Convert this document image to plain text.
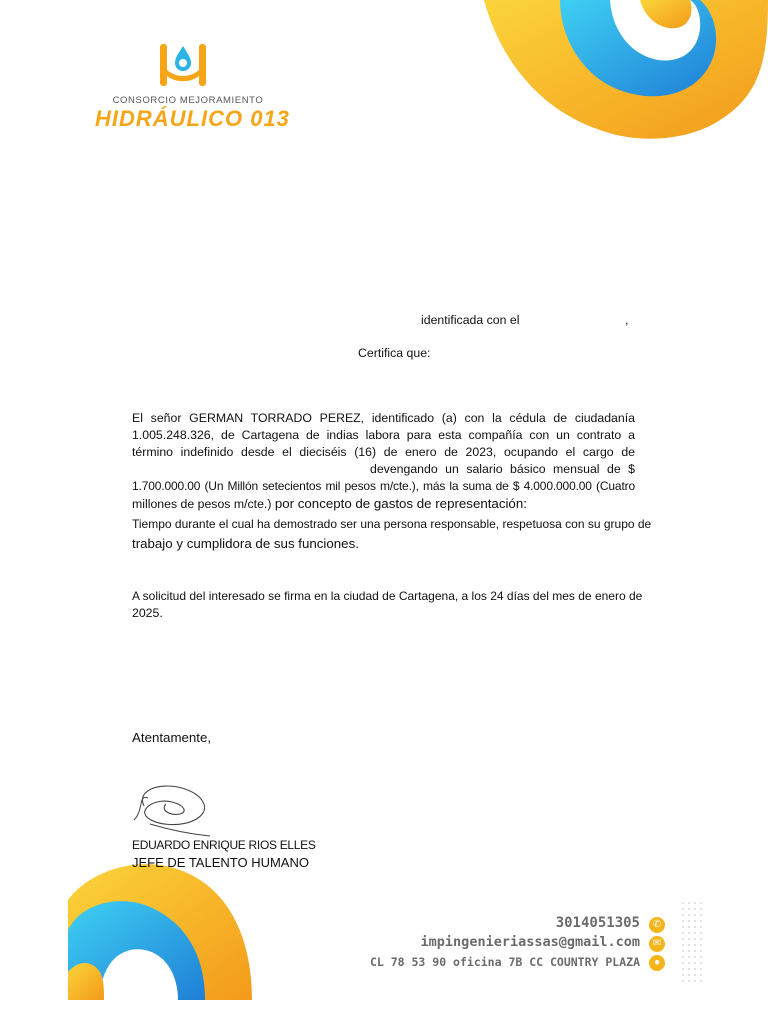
CONSORCIO MEJORAMIENTO
HIDRÁULICO 013
identificada con el	,
Certifica que:
El señor GERMAN TORRADO PEREZ, identificado (a) con la cédula de ciudadanía
1.005.248.326, de Cartagena de indias labora para esta compañía con un contrato a
término indefinido desde el dieciséis (16) de enero de 2023, ocupando el cargo de
devengando un salario básico mensual de $
1.700.000.00 (Un Millón setecientos mil pesos m/cte.), más la suma de $ 4.000.000.00 (Cuatro
millones de pesos m/cte.) por concepto de gastos de representación:
Tiempo durante el cual ha demostrado ser una persona responsable, respetuosa con su grupo de
trabajo y cumplidora de sus funciones.
A solicitud del interesado se firma en la ciudad de Cartagena, a los 24 días del mes de enero de
2025.
Atentamente,
EDUARDO ENRIQUE RIOS ELLES
JEFE DE TALENTO HUMANO
3014051305	✆
impingenieriassas@gmail.com	✉
CL 78 53 90 oficina 7B CC COUNTRY PLAZA	●
